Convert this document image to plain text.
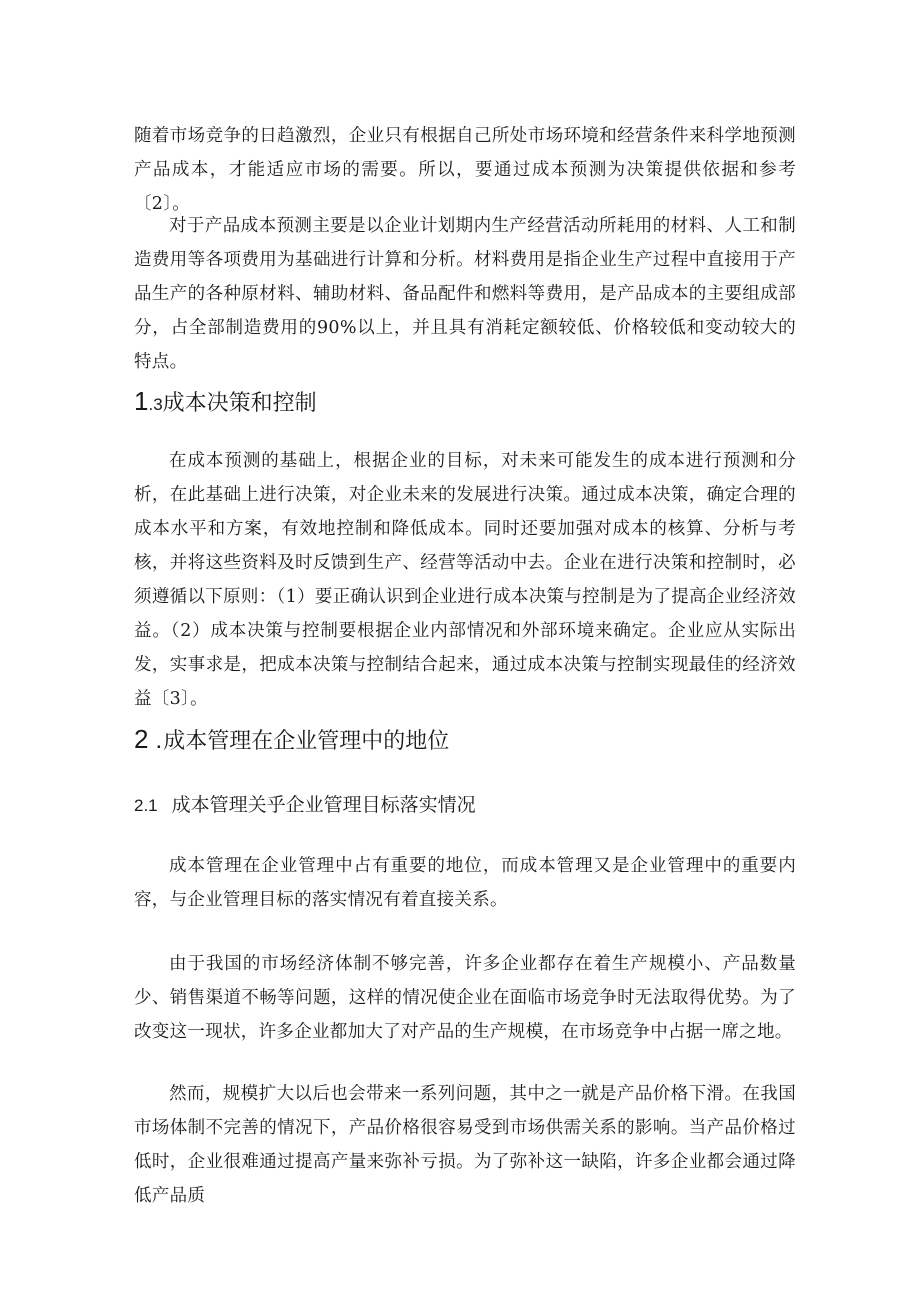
随着市场竞争的日趋激烈，企业只有根据自己所处市场环境和经营条件来科学地预测产品成本，才能适应市场的需要。所以，要通过成本预测为决策提供依据和参考〔2〕。

对于产品成本预测主要是以企业计划期内生产经营活动所耗用的材料、人工和制造费用等各项费用为基础进行计算和分析。材料费用是指企业生产过程中直接用于产品生产的各种原材料、辅助材料、备品配件和燃料等费用，是产品成本的主要组成部分，占全部制造费用的90%以上，并且具有消耗定额较低、价格较低和变动较大的特点。

1.3成本决策和控制

在成本预测的基础上，根据企业的目标，对未来可能发生的成本进行预测和分析，在此基础上进行决策，对企业未来的发展进行决策。通过成本决策，确定合理的成本水平和方案，有效地控制和降低成本。同时还要加强对成本的核算、分析与考核，并将这些资料及时反馈到生产、经营等活动中去。企业在进行决策和控制时，必须遵循以下原则：（1）要正确认识到企业进行成本决策与控制是为了提高企业经济效益。（2）成本决策与控制要根据企业内部情况和外部环境来确定。企业应从实际出发，实事求是，把成本决策与控制结合起来，通过成本决策与控制实现最佳的经济效益〔3〕。

2 .成本管理在企业管理中的地位
2.1 成本管理关乎企业管理目标落实情况

成本管理在企业管理中占有重要的地位，而成本管理又是企业管理中的重要内容，与企业管理目标的落实情况有着直接关系。

由于我国的市场经济体制不够完善，许多企业都存在着生产规模小、产品数量少、销售渠道不畅等问题，这样的情况使企业在面临市场竞争时无法取得优势。为了改变这一现状，许多企业都加大了对产品的生产规模，在市场竞争中占据一席之地。

然而，规模扩大以后也会带来一系列问题，其中之一就是产品价格下滑。在我国市场体制不完善的情况下，产品价格很容易受到市场供需关系的影响。当产品价格过低时，企业很难通过提高产量来弥补亏损。为了弥补这一缺陷，许多企业都会通过降低产品质
